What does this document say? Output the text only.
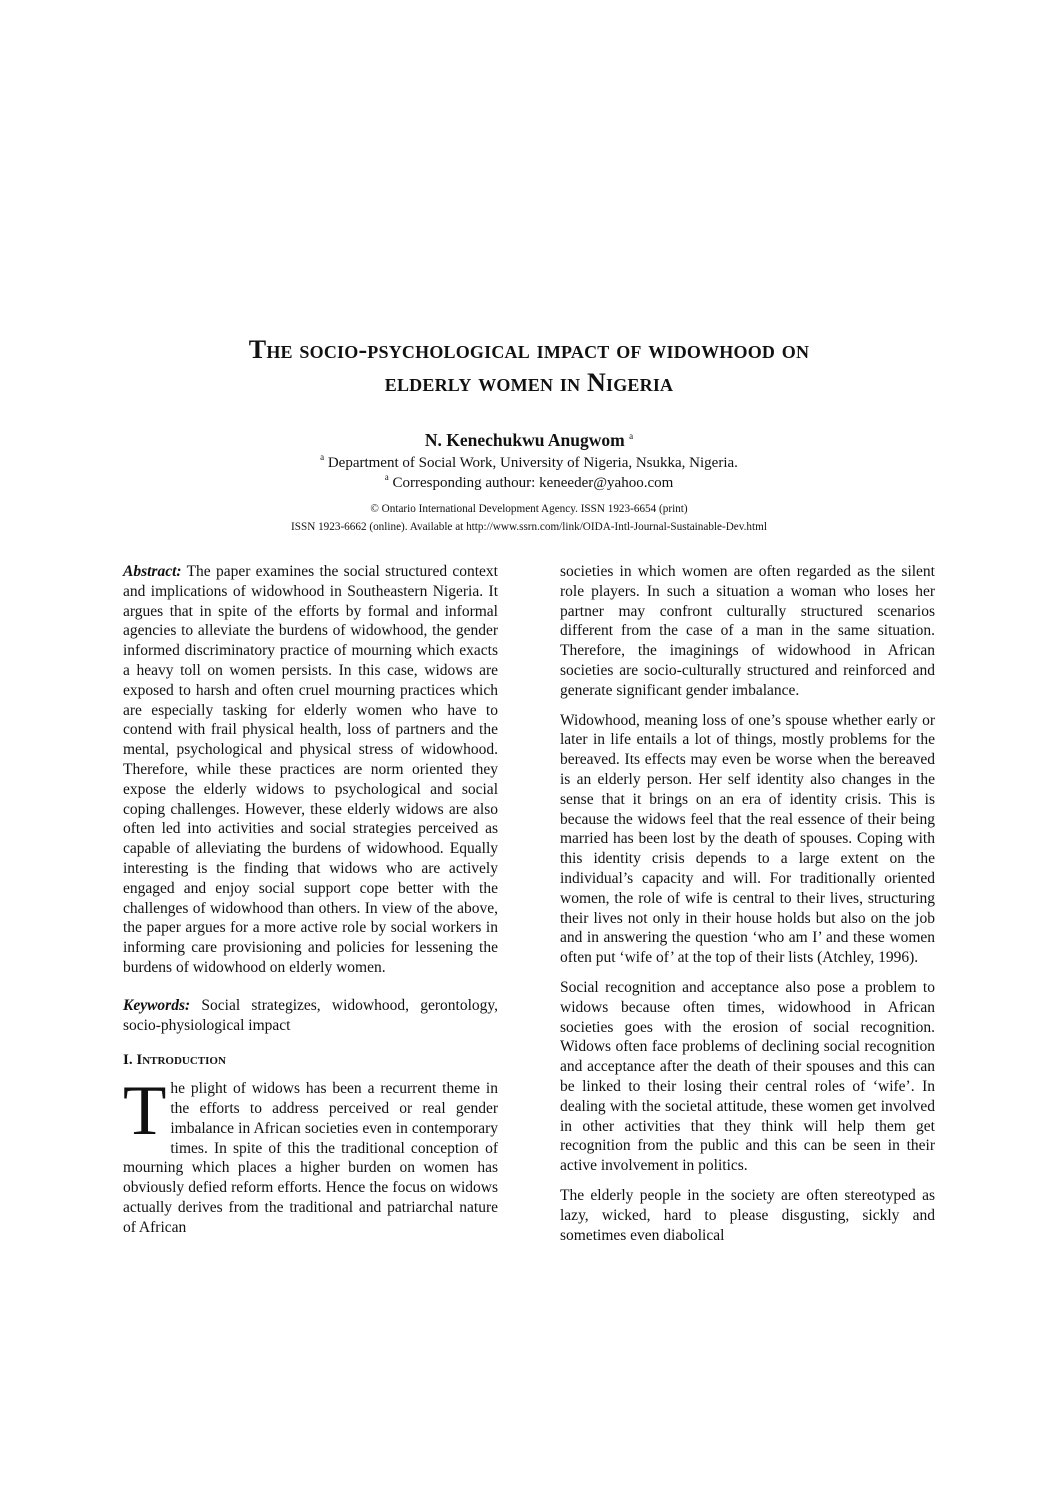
The socio-psychological impact of widowhood on
elderly women in Nigeria
N. Kenechukwu Anugwom $^a$
$^a$ Department of Social Work, University of Nigeria, Nsukka, Nigeria.
$^a$ Corresponding authour: keneeder@yahoo.com
© Ontario International Development Agency. ISSN 1923-6654 (print)
ISSN 1923-6662 (online). Available at http://www.ssrn.com/link/OIDA-Intl-Journal-Sustainable-Dev.html

Abstract: The paper examines the social structured context and implications of widowhood in Southeastern Nigeria. It argues that in spite of the efforts by formal and informal agencies to alleviate the burdens of widowhood, the gender informed discriminatory practice of mourning which exacts a heavy toll on women persists. In this case, widows are exposed to harsh and often cruel mourning practices which are especially tasking for elderly women who have to contend with frail physical health, loss of partners and the mental, psychological and physical stress of widowhood. Therefore, while these practices are norm oriented they expose the elderly widows to psychological and social coping challenges. However, these elderly widows are also often led into activities and social strategies perceived as capable of alleviating the burdens of widowhood. Equally interesting is the finding that widows who are actively engaged and enjoy social support cope better with the challenges of widowhood than others. In view of the above, the paper argues for a more active role by social workers in informing care provisioning and policies for lessening the burdens of widowhood on elderly women.

Keywords: Social strategizes, widowhood, gerontology, socio-physiological impact

I. Introduction

The plight of widows has been a recurrent theme in the efforts to address perceived or real gender imbalance in African societies even in contemporary times. In spite of this the traditional conception of mourning which places a higher burden on women has obviously defied reform efforts. Hence the focus on widows actually derives from the traditional and patriarchal nature of African

societies in which women are often regarded as the silent role players. In such a situation a woman who loses her partner may confront culturally structured scenarios different from the case of a man in the same situation. Therefore, the imaginings of widowhood in African societies are socio-culturally structured and reinforced and generate significant gender imbalance.

Widowhood, meaning loss of one’s spouse whether early or later in life entails a lot of things, mostly problems for the bereaved. Its effects may even be worse when the bereaved is an elderly person. Her self identity also changes in the sense that it brings on an era of identity crisis. This is because the widows feel that the real essence of their being married has been lost by the death of spouses. Coping with this identity crisis depends to a large extent on the individual’s capacity and will. For traditionally oriented women, the role of wife is central to their lives, structuring their lives not only in their house holds but also on the job and in answering the question ‘who am I’ and these women often put ‘wife of’ at the top of their lists (Atchley, 1996).

Social recognition and acceptance also pose a problem to widows because often times, widowhood in African societies goes with the erosion of social recognition. Widows often face problems of declining social recognition and acceptance after the death of their spouses and this can be linked to their losing their central roles of ‘wife’. In dealing with the societal attitude, these women get involved in other activities that they think will help them get recognition from the public and this can be seen in their active involvement in politics.

The elderly people in the society are often stereotyped as lazy, wicked, hard to please disgusting, sickly and sometimes even diabolical
